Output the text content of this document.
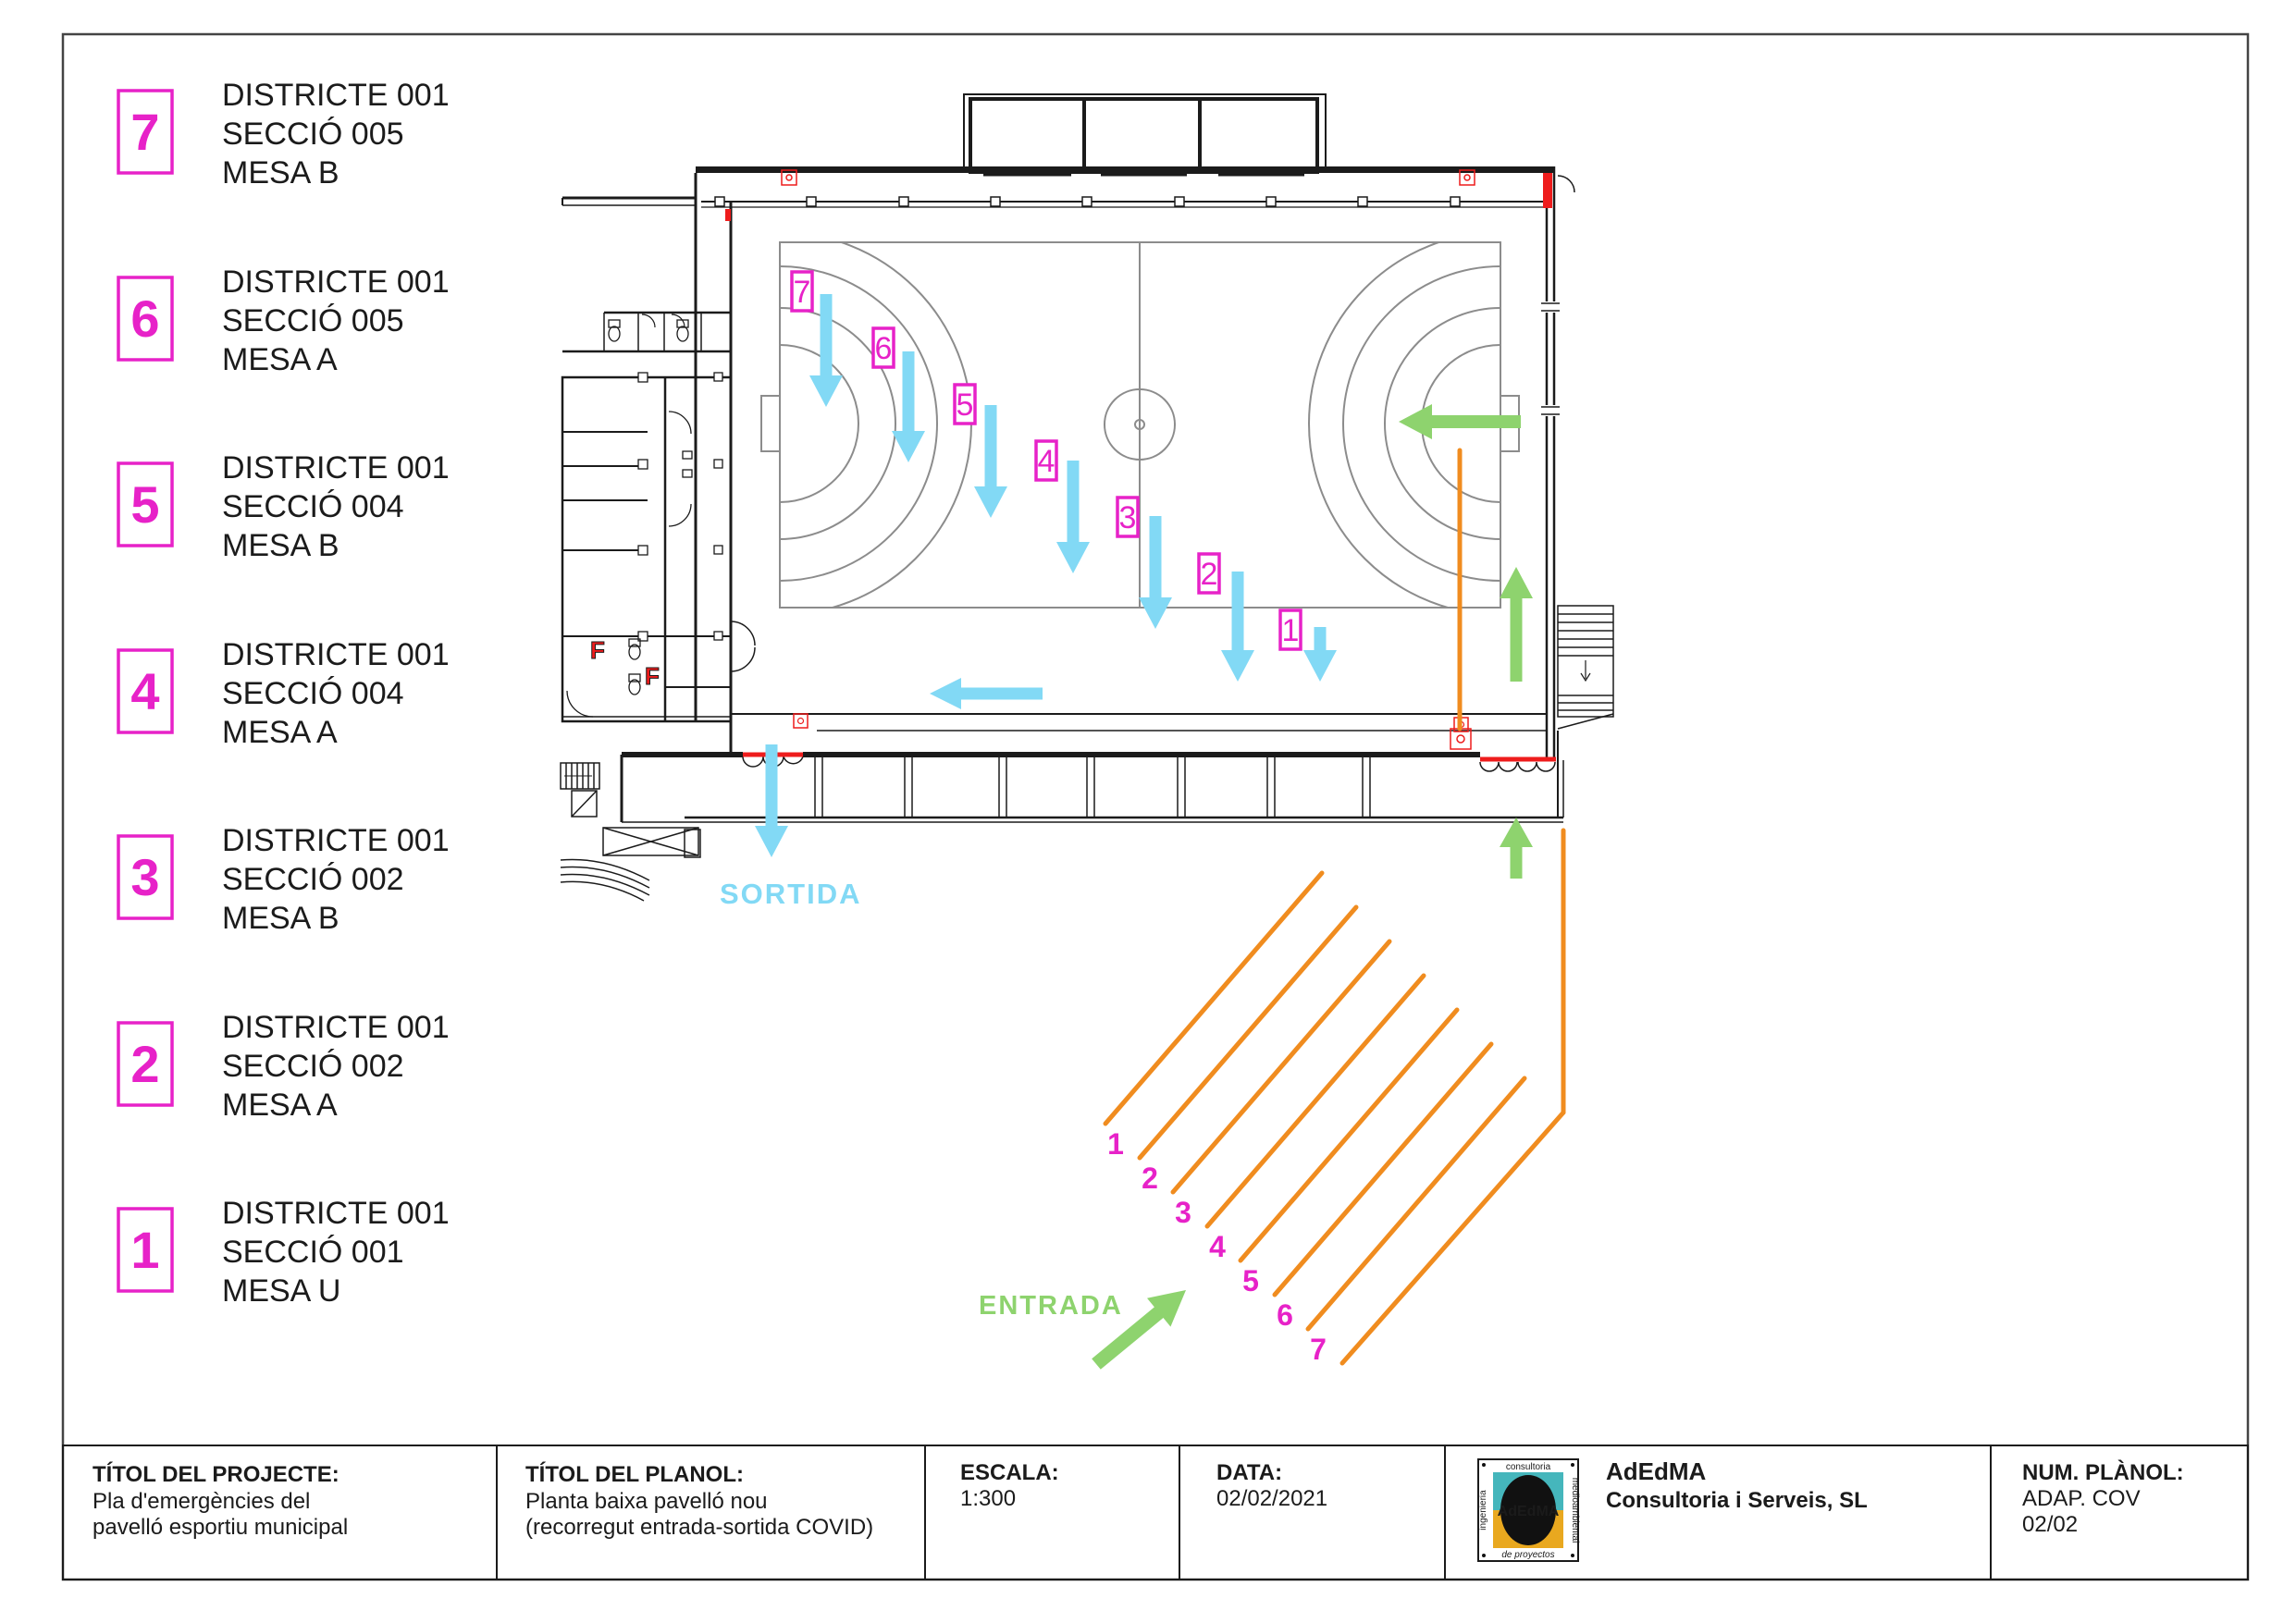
7
DISTRICTE 001
SECCIÓ 005
MESA B
6
DISTRICTE 001
SECCIÓ 005
MESA A
5
DISTRICTE 001
SECCIÓ 004
MESA B
4
DISTRICTE 001
SECCIÓ 004
MESA A
3
DISTRICTE 001
SECCIÓ 002
MESA B
2
DISTRICTE 001
SECCIÓ 002
MESA A
1
DISTRICTE 001
SECCIÓ 001
MESA U
F
F
1
2
3
4
5
6
7
7
6
5
4
3
2
1
SORTIDA
ENTRADA
TÍTOL DEL PROJECTE:
Pla d'emergències del
pavelló esportiu municipal
TÍTOL DEL PLANOL:
Planta baixa pavelló nou
(recorregut entrada-sortida COVID)
ESCALA:
1:300
DATA:
02/02/2021
AdEdMA
consultoria
de proyectos
medioambiental
ingenieria
AdEdMA
Consultoria i Serveis, SL
NUM. PLÀNOL:
ADAP. COV
02/02
